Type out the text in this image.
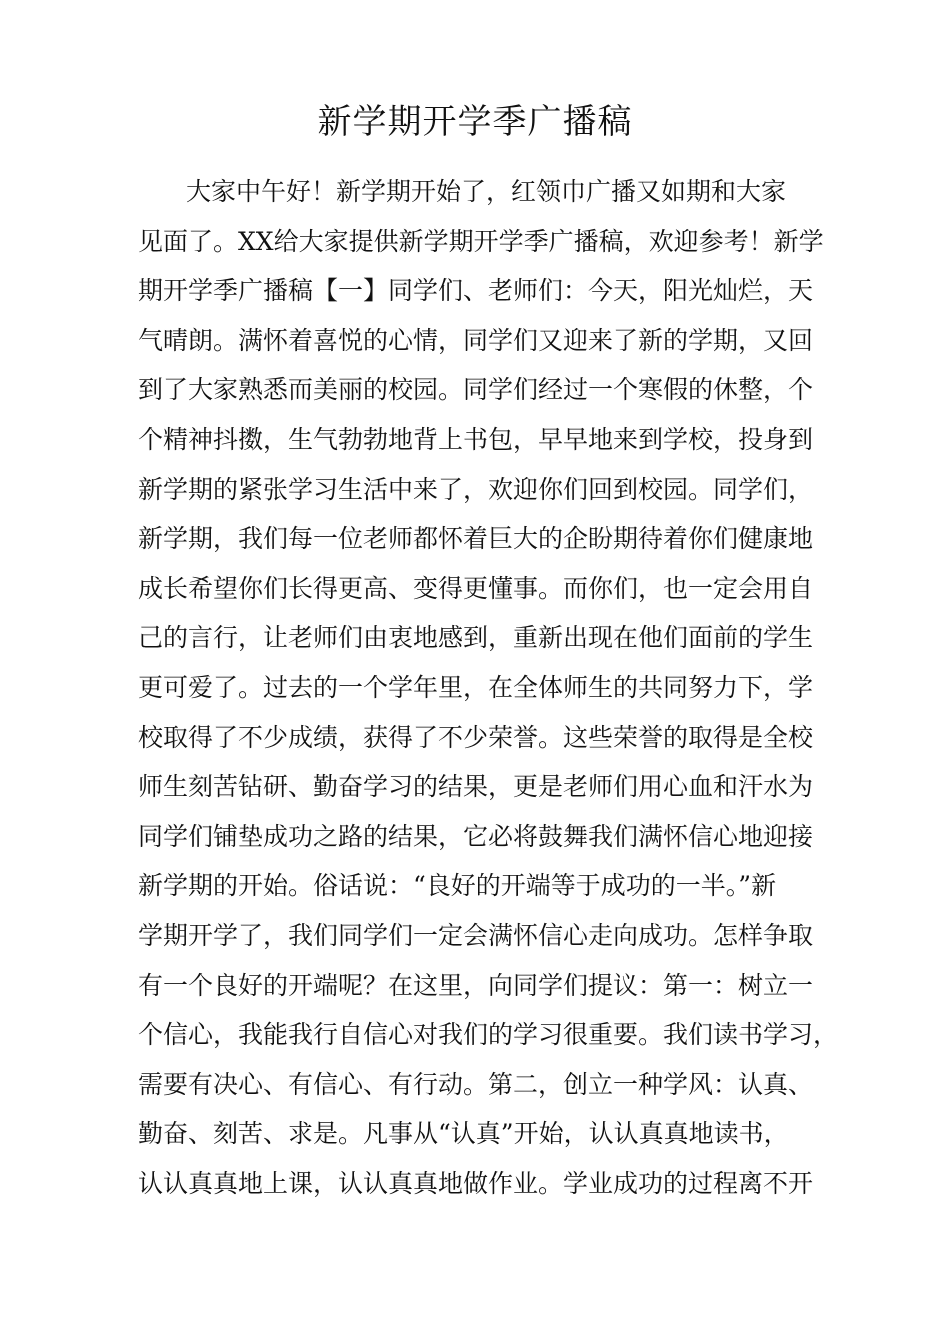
新学期开学季广播稿
大家中午好！新学期开始了，红领巾广播又如期和大家
见面了。XX给大家提供新学期开学季广播稿，欢迎参考！新学
期开学季广播稿【一】同学们、老师们：今天，阳光灿烂，天
气晴朗。满怀着喜悦的心情，同学们又迎来了新的学期，又回
到了大家熟悉而美丽的校园。同学们经过一个寒假的休整，个
个精神抖擞，生气勃勃地背上书包，早早地来到学校，投身到
新学期的紧张学习生活中来了，欢迎你们回到校园。同学们，
新学期，我们每一位老师都怀着巨大的企盼期待着你们健康地
成长希望你们长得更高、变得更懂事。而你们，也一定会用自
己的言行，让老师们由衷地感到，重新出现在他们面前的学生
更可爱了。过去的一个学年里，在全体师生的共同努力下，学
校取得了不少成绩，获得了不少荣誉。这些荣誉的取得是全校
师生刻苦钻研、勤奋学习的结果，更是老师们用心血和汗水为
同学们铺垫成功之路的结果，它必将鼓舞我们满怀信心地迎接
新学期的开始。俗话说：“良好的开端等于成功的一半。”新
学期开学了，我们同学们一定会满怀信心走向成功。怎样争取
有一个良好的开端呢？在这里，向同学们提议：第一：树立一
个信心，我能我行自信心对我们的学习很重要。我们读书学习，
需要有决心、有信心、有行动。第二，创立一种学风：认真、
勤奋、刻苦、求是。凡事从“认真”开始，认认真真地读书，
认认真真地上课，认认真真地做作业。学业成功的过程离不开
